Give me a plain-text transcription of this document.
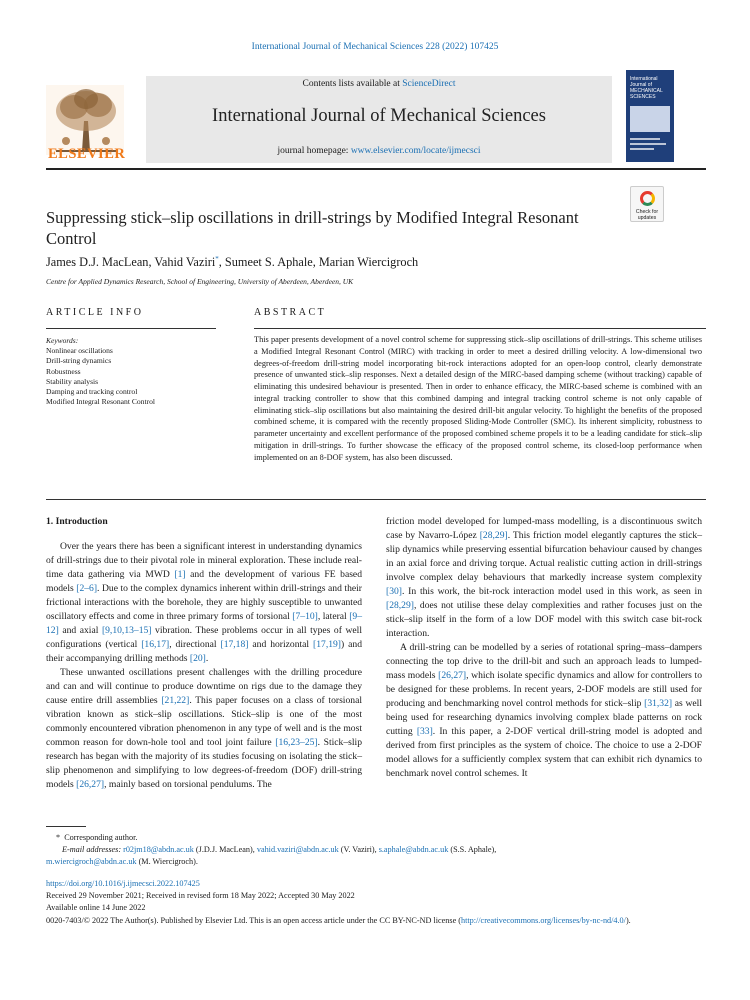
International Journal of Mechanical Sciences 228 (2022) 107425
ELSEVIER
Contents lists available at ScienceDirect
International Journal of Mechanical Sciences
journal homepage: www.elsevier.com/locate/ijmecsci
International Journal of MECHANICAL SCIENCES
Suppressing stick–slip oscillations in drill-strings by Modified Integral Resonant Control
Check for
updates
James D.J. MacLean, Vahid Vaziri*, Sumeet S. Aphale, Marian Wiercigroch
Centre for Applied Dynamics Research, School of Engineering, University of Aberdeen, Aberdeen, UK
ARTICLE INFO	ABSTRACT
Keywords:
Nonlinear oscillations
Drill-string dynamics
Robustness
Stability analysis
Damping and tracking control
Modified Integral Resonant Control
This paper presents development of a novel control scheme for suppressing stick–slip oscillations of drill-strings. This scheme utilises a Modified Integral Resonant Control (MIRC) with tracking in order to meet a desired drilling velocity. A low-dimensional two degrees-of-freedom drill-string model incorporating bit-rock interactions adopted for an open-loop control, clearly demonstrate presence of unwanted stick–slip responses. Next a detailed design of the MIRC-based damping scheme (without tracking) capable of eliminating this undesired behaviour is presented. Then in order to enhance efficacy, the MIRC-based scheme is combined with an integral tracking controller to show that this combined damping and integral tracking control scheme is not only capable of eliminating stick–slip oscillations but also maintaining the desired drill-bit angular velocity. To highlight the benefits of the proposed combined scheme, it is compared with the recently proposed Sliding-Mode Controller (SMC). Its inherent simplicity, robustness to parameter uncertainty and excellent performance of the proposed combined scheme propels it to be a leading candidate for stick–slip mitigation in drill-strings. To further showcase the efficacy of the proposed control scheme, its closed-loop performance when implemented on an 8-DOF system, has also been discussed.
1. Introduction

Over the years there has been a significant interest in understanding dynamics of drill-strings due to their pivotal role in mineral exploration. These include real-time data gathering via MWD [1] and the development of various FE based models [2–6]. Due to the complex dynamics inherent within drill-strings and their frictional interactions with the borehole, they are highly susceptible to unwanted oscillatory effects and come in three primary forms of torsional [7–10], lateral [9–12] and axial [9,10,13–15] vibration. These problems occur in all types of well configurations (vertical [16,17], directional [17,18] and horizontal [17,19]) and their accompanying drilling methods [20].

These unwanted oscillations present challenges with the drilling procedure and can and will continue to produce downtime on rigs due to the damage they cause entire drill assemblies [21,22]. This paper focuses on a class of torsional vibration known as stick–slip oscillations. Stick–slip is one of the most commonly encountered vibration phenomenon in any type of well and is the most common reason for down-hole tool and tool joint failure [16,23–25]. Stick–slip research has began with the majority of its studies focusing on isolating the stick–slip phenomenon and simplifying to low degrees-of-freedom (DOF) drill-string models [26,27], mainly based on torsional pendulums. The

friction model developed for lumped-mass modelling, is a discontinuous switch case by Navarro-López [28,29]. This friction model elegantly captures the stick–slip dynamics while preserving essential bifurcation behaviour caused by changes in an axial force and driving torque. Actual realistic cutting action in drill-strings involve complex delay behaviours that markedly increase system complexity [30]. In this work, the bit-rock interaction model used in this work, as seen in [28,29], does not utilise these delay complexities and rather focuses just on the stick–slip itself in the form of a low DOF model with this switch case bit-rock interaction.

A drill-string can be modelled by a series of rotational spring–mass–dampers connecting the top drive to the drill-bit and such an approach leads to lumped-mass models [26,27], which isolate specific dynamics and allow for controllers to be designed for these problems. In recent years, 2-DOF models are still used for producing and benchmarking novel control methods for stick–slip [31,32] as well being used for researching dynamics involving complex blade patterns on rock cutting [33]. In this paper, a 2-DOF vertical drill-string model is adopted and derived from first principles as the system of choice. The choice to use a 2-DOF model allows for a sufficiently complex system that can exhibit rich dynamics to benchmark novel control schemes. It

* Corresponding author.
E-mail addresses: r02jm18@abdn.ac.uk (J.D.J. MacLean), vahid.vaziri@abdn.ac.uk (V. Vaziri), s.aphale@abdn.ac.uk (S.S. Aphale),
m.wiercigroch@abdn.ac.uk (M. Wiercigroch).
https://doi.org/10.1016/j.ijmecsci.2022.107425
Received 29 November 2021; Received in revised form 18 May 2022; Accepted 30 May 2022
Available online 14 June 2022
0020-7403/© 2022 The Author(s). Published by Elsevier Ltd. This is an open access article under the CC BY-NC-ND license (http://creativecommons.org/licenses/by-nc-nd/4.0/).
